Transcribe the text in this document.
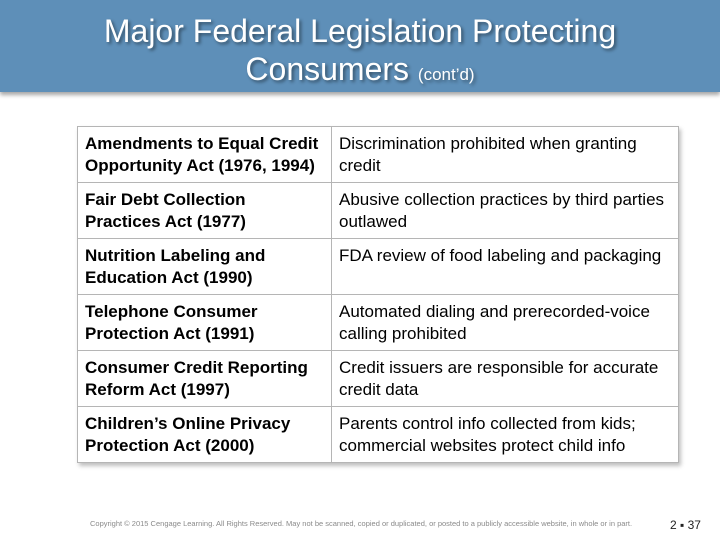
Major Federal Legislation Protecting
Consumers (cont’d)
Amendments to Equal Credit Opportunity Act (1976, 1994)	Discrimination prohibited when granting credit
Fair Debt Collection Practices Act (1977)	Abusive collection practices by third parties outlawed
Nutrition Labeling and Education Act (1990)	FDA review of food labeling and packaging
Telephone Consumer Protection Act (1991)	Automated dialing and prerecorded-voice calling prohibited
Consumer Credit Reporting Reform Act (1997)	Credit issuers are responsible for accurate credit data
Children’s Online Privacy Protection Act (2000)	Parents control info collected from kids; commercial websites protect child info
Copyright © 2015 Cengage Learning. All Rights Reserved. May not be scanned, copied or duplicated, or posted to a publicly accessible website, in whole or in part.	2 ▪ 37
